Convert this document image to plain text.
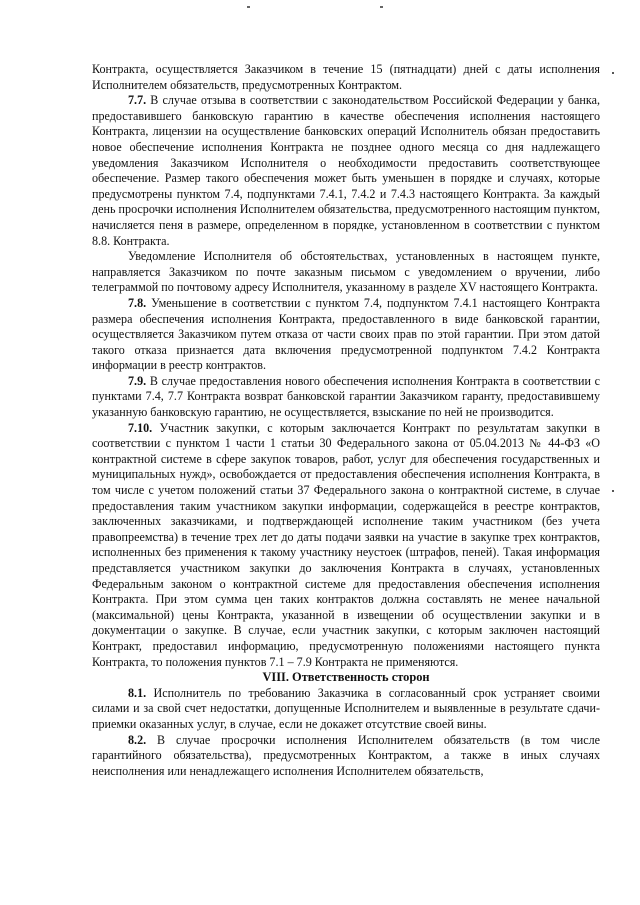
Контракта, осуществляется Заказчиком в течение 15 (пятнадцати) дней с даты исполнения Исполнителем обязательств, предусмотренных Контрактом.

7.7. В случае отзыва в соответствии с законодательством Российской Федерации у банка, предоставившего банковскую гарантию в качестве обеспечения исполнения настоящего Контракта, лицензии на осуществление банковских операций Исполнитель обязан предоставить новое обеспечение исполнения Контракта не позднее одного месяца со дня надлежащего уведомления Заказчиком Исполнителя о необходимости предоставить соответствующее обеспечение. Размер такого обеспечения может быть уменьшен в порядке и случаях, которые предусмотрены пунктом 7.4, подпунктами 7.4.1, 7.4.2 и 7.4.3 настоящего Контракта. За каждый день просрочки исполнения Исполнителем обязательства, предусмотренного настоящим пунктом, начисляется пеня в размере, определенном в порядке, установленном в соответствии с пунктом 8.8. Контракта.

Уведомление Исполнителя об обстоятельствах, установленных в настоящем пункте, направляется Заказчиком по почте заказным письмом с уведомлением о вручении, либо телеграммой по почтовому адресу Исполнителя, указанному в разделе XV настоящего Контракта.

7.8. Уменьшение в соответствии с пунктом 7.4, подпунктом 7.4.1 настоящего Контракта размера обеспечения исполнения Контракта, предоставленного в виде банковской гарантии, осуществляется Заказчиком путем отказа от части своих прав по этой гарантии. При этом датой такого отказа признается дата включения предусмотренной подпунктом 7.4.2 Контракта информации в реестр контрактов.

7.9. В случае предоставления нового обеспечения исполнения Контракта в соответствии с пунктами 7.4, 7.7 Контракта возврат банковской гарантии Заказчиком гаранту, предоставившему указанную банковскую гарантию, не осуществляется, взыскание по ней не производится.

7.10. Участник закупки, с которым заключается Контракт по результатам закупки в соответствии с пунктом 1 части 1 статьи 30 Федерального закона от 05.04.2013 № 44-ФЗ «О контрактной системе в сфере закупок товаров, работ, услуг для обеспечения государственных и муниципальных нужд», освобождается от предоставления обеспечения исполнения Контракта, в том числе с учетом положений статьи 37 Федерального закона о контрактной системе, в случае предоставления таким участником закупки информации, содержащейся в реестре контрактов, заключенных заказчиками, и подтверждающей исполнение таким участником (без учета правопреемства) в течение трех лет до даты подачи заявки на участие в закупке трех контрактов, исполненных без применения к такому участнику неустоек (штрафов, пеней). Такая информация представляется участником закупки до заключения Контракта в случаях, установленных Федеральным законом о контрактной системе для предоставления обеспечения исполнения Контракта. При этом сумма цен таких контрактов должна составлять не менее начальной (максимальной) цены Контракта, указанной в извещении об осуществлении закупки и в документации о закупке. В случае, если участник закупки, с которым заключен настоящий Контракт, предоставил информацию, предусмотренную положениями настоящего пункта Контракта, то положения пунктов 7.1 – 7.9 Контракта не применяются.

VIII. Ответственность сторон

8.1. Исполнитель по требованию Заказчика в согласованный срок устраняет своими силами и за свой счет недостатки, допущенные Исполнителем и выявленные в результате сдачи-приемки оказанных услуг, в случае, если не докажет отсутствие своей вины.

8.2. В случае просрочки исполнения Исполнителем обязательств (в том числе гарантийного обязательства), предусмотренных Контрактом, а также в иных случаях неисполнения или ненадлежащего исполнения Исполнителем обязательств,
